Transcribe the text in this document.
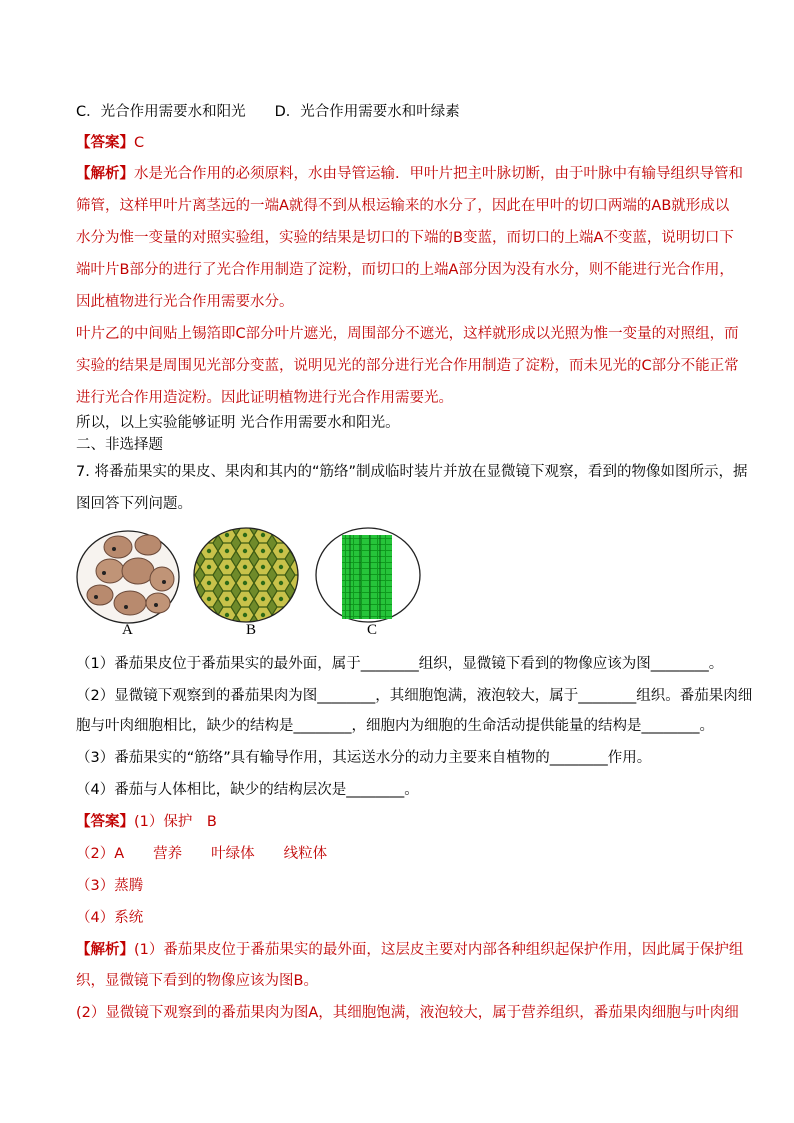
C．光合作用需要水和阳光　　D．光合作用需要水和叶绿素
【答案】C
【解析】水是光合作用的必须原料，水由导管运输．甲叶片把主叶脉切断，由于叶脉中有输导组织导管和
筛管，这样甲叶片离茎远的一端A就得不到从根运输来的水分了，因此在甲叶的切口两端的AB就形成以
水分为惟一变量的对照实验组，实验的结果是切口的下端的B变蓝，而切口的上端A不变蓝，说明切口下
端叶片B部分的进行了光合作用制造了淀粉，而切口的上端A部分因为没有水分，则不能进行光合作用，
因此植物进行光合作用需要水分。
叶片乙的中间贴上锡箔即C部分叶片遮光，周围部分不遮光，这样就形成以光照为惟一变量的对照组，而
实验的结果是周围见光部分变蓝，说明见光的部分进行光合作用制造了淀粉，而未见光的C部分不能正常
进行光合作用造淀粉。因此证明植物进行光合作用需要光。
所以，以上实验能够证明 光合作用需要水和阳光。
二、非选择题
7. 将番茄果实的果皮、果肉和其内的“筋络”制成临时装片并放在显微镜下观察，看到的物像如图所示，据
图回答下列问题。
A	B	C
（1）番茄果皮位于番茄果实的最外面，属于________组织，显微镜下看到的物像应该为图________。
（2）显微镜下观察到的番茄果肉为图________，其细胞饱满，液泡较大，属于________组织。番茄果肉细
胞与叶肉细胞相比，缺少的结构是________，细胞内为细胞的生命活动提供能量的结构是________。
（3）番茄果实的“筋络”具有输导作用，其运送水分的动力主要来自植物的________作用。
（4）番茄与人体相比，缺少的结构层次是________。
【答案】(1）保护　B
（2）A　　营养　　叶绿体　　线粒体
（3）蒸腾
（4）系统
【解析】(1）番茄果皮位于番茄果实的最外面，这层皮主要对内部各种组织起保护作用，因此属于保护组
织，显微镜下看到的物像应该为图B。
(2）显微镜下观察到的番茄果肉为图A，其细胞饱满，液泡较大，属于营养组织，番茄果肉细胞与叶肉细
